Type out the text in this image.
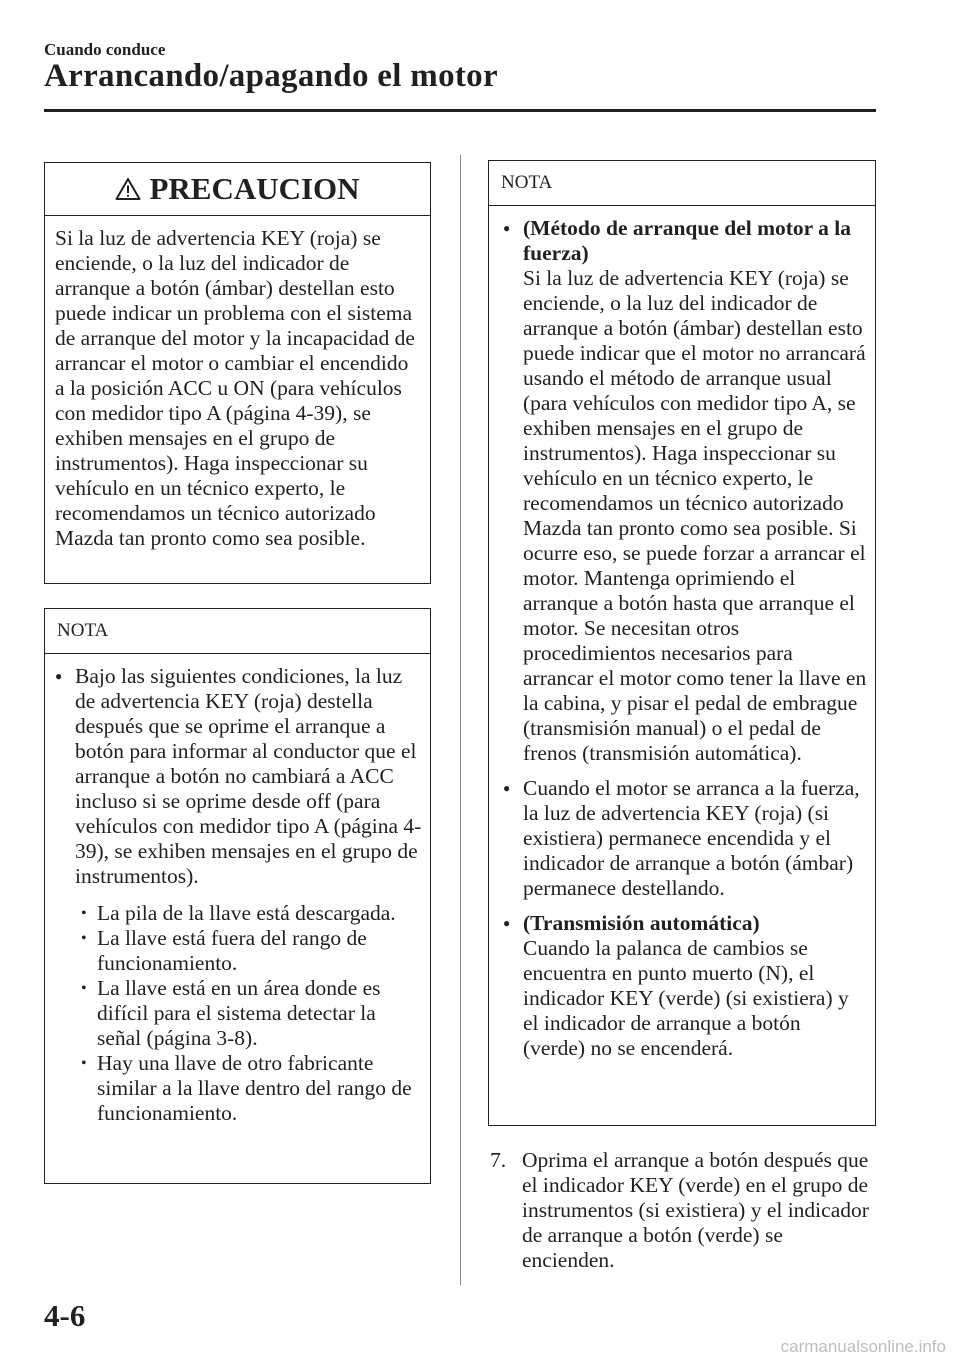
Cuando conduce
Arrancando/apagando el motor
PRECAUCION
Si la luz de advertencia KEY (roja) se enciende, o la luz del indicador de arranque a botón (ámbar) destellan esto puede indicar un problema con el sistema de arranque del motor y la incapacidad de arrancar el motor o cambiar el encendido a la posición ACC u ON (para vehículos con medidor tipo A (página 4-39), se exhiben mensajes en el grupo de instrumentos). Haga inspeccionar su vehículo en un técnico experto, le recomendamos un técnico autorizado Mazda tan pronto como sea posible.
NOTA
● Bajo las siguientes condiciones, la luz de advertencia KEY (roja) destella después que se oprime el arranque a botón para informar al conductor que el arranque a botón no cambiará a ACC incluso si se oprime desde off (para vehículos con medidor tipo A (página 4-39), se exhiben mensajes en el grupo de instrumentos).
• La pila de la llave está descargada.
• La llave está fuera del rango de funcionamiento.
• La llave está en un área donde es difícil para el sistema detectar la señal (página 3-8).
• Hay una llave de otro fabricante similar a la llave dentro del rango de funcionamiento.
NOTA
● (Método de arranque del motor a la fuerza)
Si la luz de advertencia KEY (roja) se enciende, o la luz del indicador de arranque a botón (ámbar) destellan esto puede indicar que el motor no arrancará usando el método de arranque usual (para vehículos con medidor tipo A, se exhiben mensajes en el grupo de instrumentos). Haga inspeccionar su vehículo en un técnico experto, le recomendamos un técnico autorizado Mazda tan pronto como sea posible. Si ocurre eso, se puede forzar a arrancar el motor. Mantenga oprimiendo el arranque a botón hasta que arranque el motor. Se necesitan otros procedimientos necesarios para arrancar el motor como tener la llave en la cabina, y pisar el pedal de embrague (transmisión manual) o el pedal de frenos (transmisión automática).
● Cuando el motor se arranca a la fuerza, la luz de advertencia KEY (roja) (si existiera) permanece encendida y el indicador de arranque a botón (ámbar) permanece destellando.
● (Transmisión automática)
Cuando la palanca de cambios se encuentra en punto muerto (N), el indicador KEY (verde) (si existiera) y el indicador de arranque a botón (verde) no se encenderá.
7. Oprima el arranque a botón después que el indicador KEY (verde) en el grupo de instrumentos (si existiera) y el indicador de arranque a botón (verde) se encienden.
4-6
carmanualsonline.info
